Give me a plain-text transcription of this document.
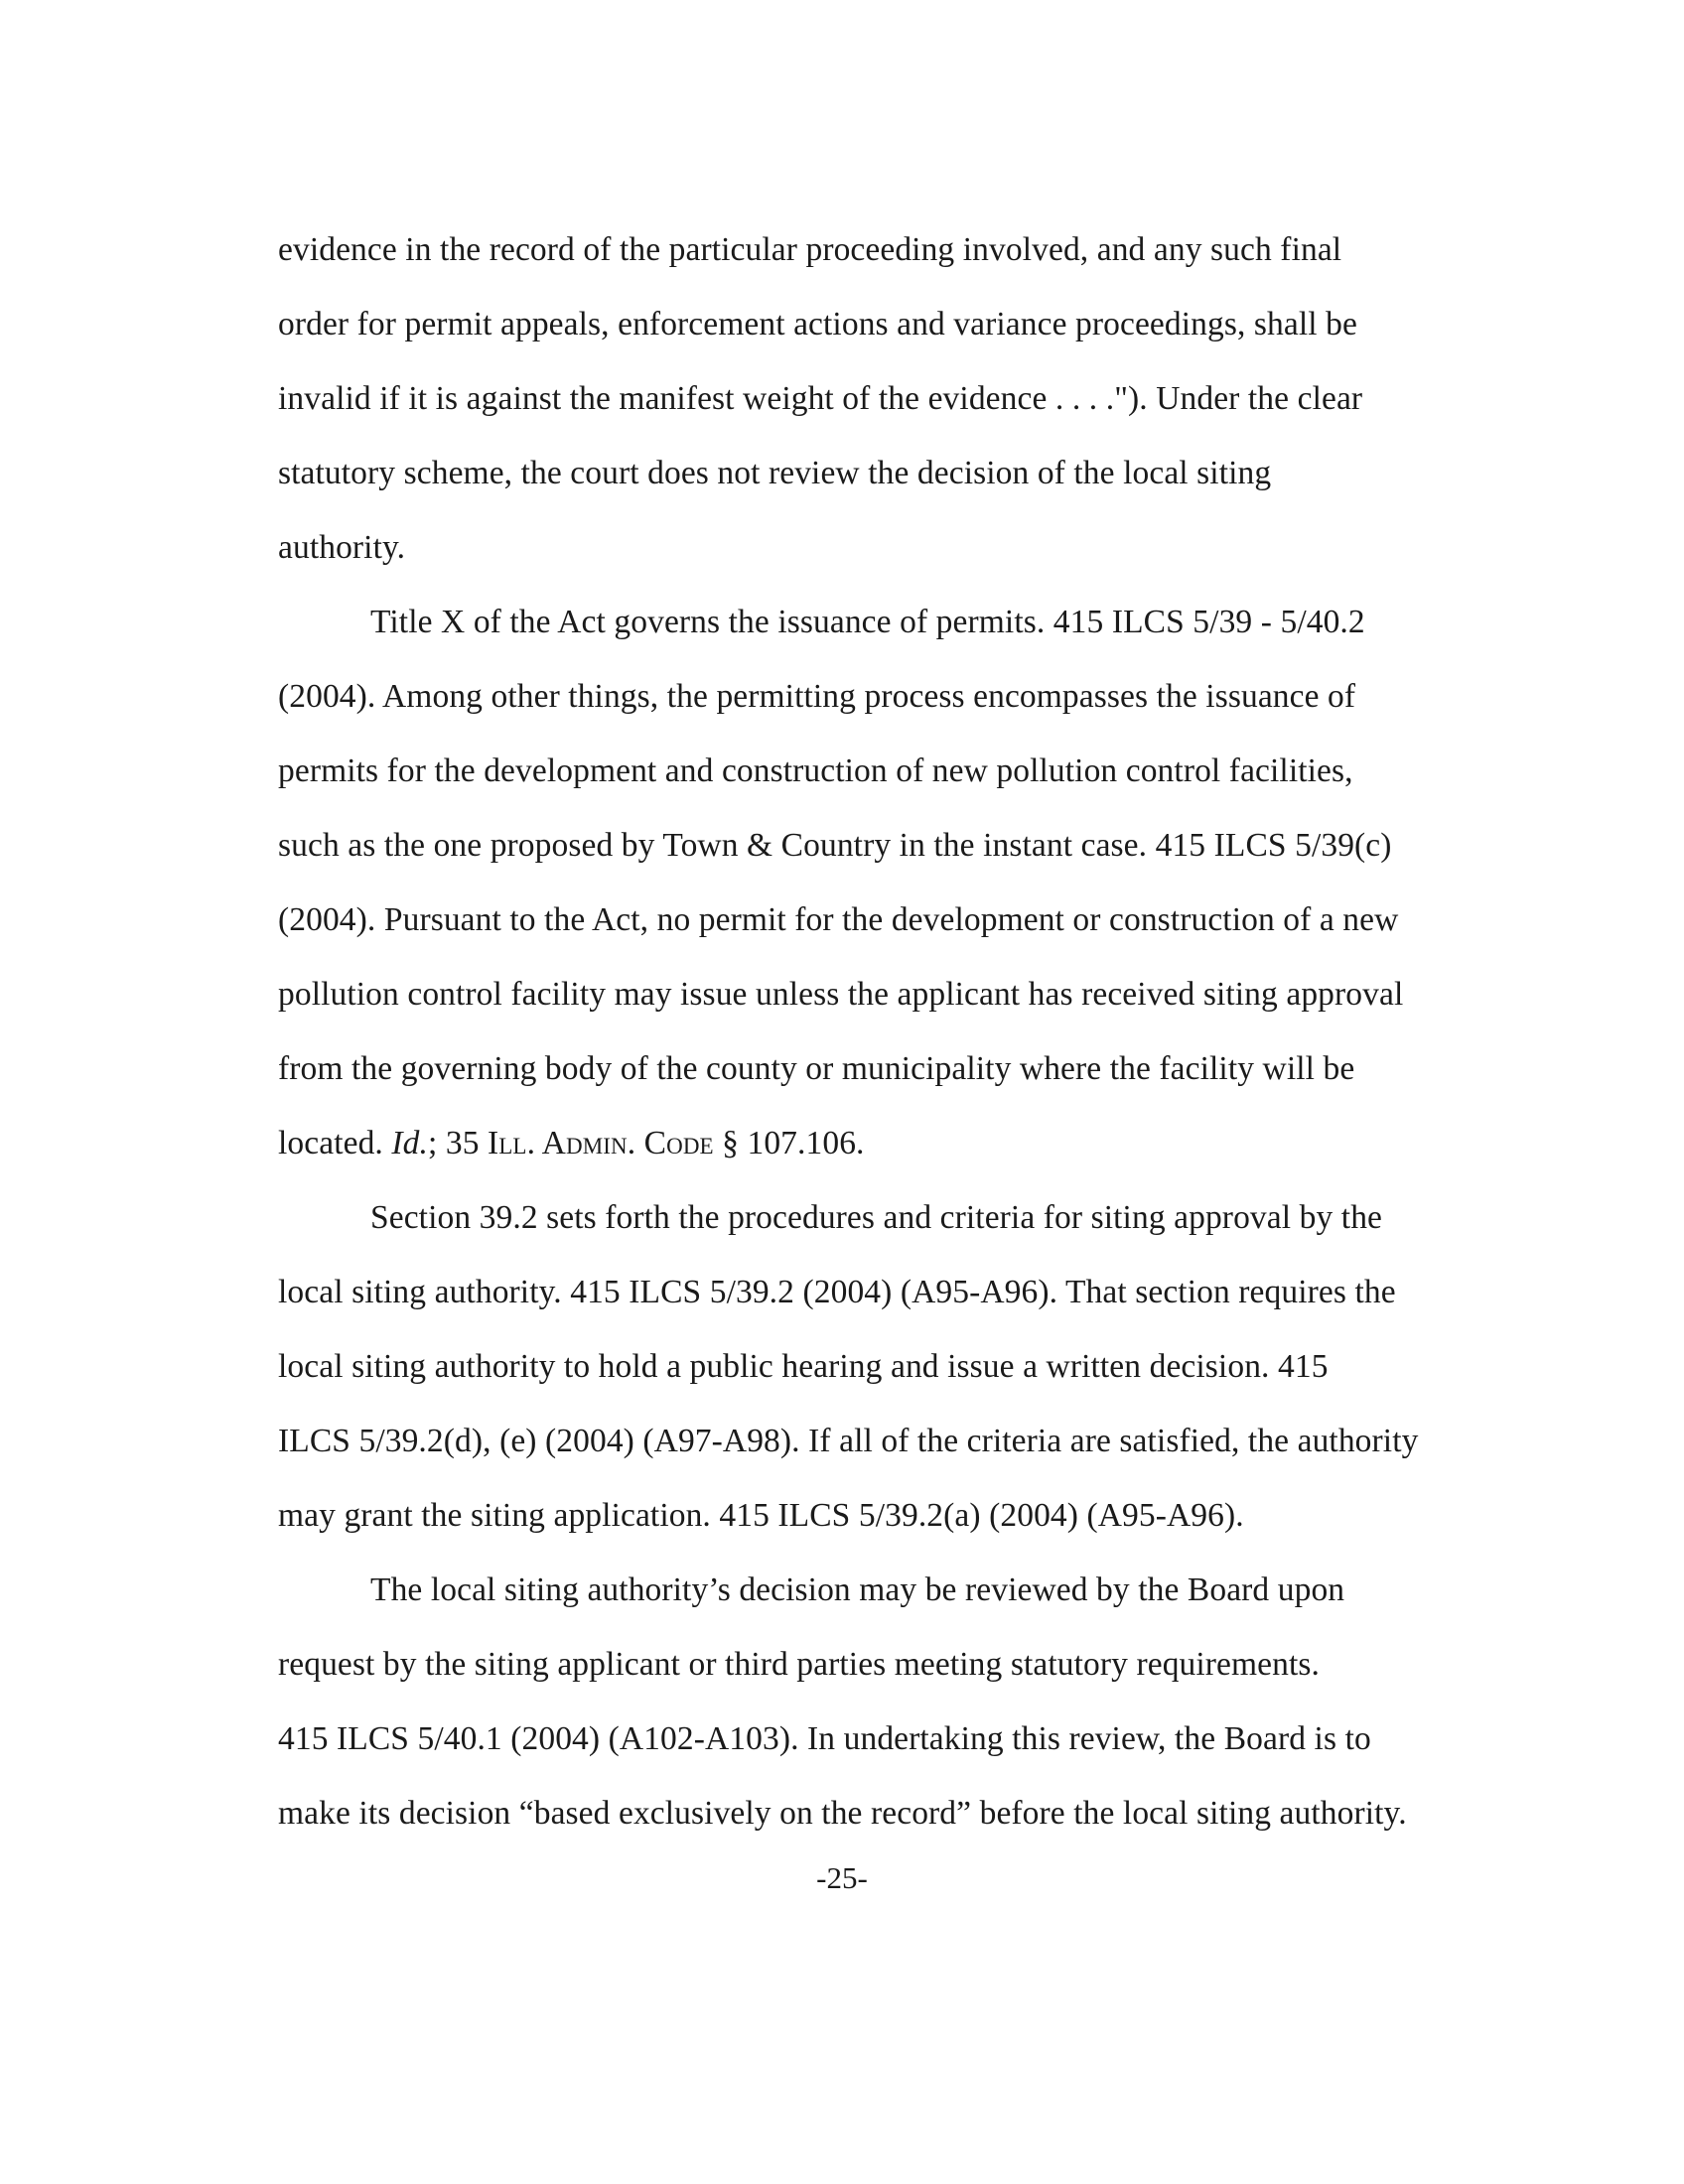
evidence in the record of the particular proceeding involved, and any such final
order for permit appeals, enforcement actions and variance proceedings, shall be
invalid if it is against the manifest weight of the evidence . . . ."). Under the clear
statutory scheme, the court does not review the decision of the local siting
authority.
Title X of the Act governs the issuance of permits. 415 ILCS 5/39 - 5/40.2
(2004). Among other things, the permitting process encompasses the issuance of
permits for the development and construction of new pollution control facilities,
such as the one proposed by Town & Country in the instant case. 415 ILCS 5/39(c)
(2004). Pursuant to the Act, no permit for the development or construction of a new
pollution control facility may issue unless the applicant has received siting approval
from the governing body of the county or municipality where the facility will be
located. Id.; 35 Ill. Admin. Code § 107.106.
Section 39.2 sets forth the procedures and criteria for siting approval by the
local siting authority. 415 ILCS 5/39.2 (2004) (A95-A96). That section requires the
local siting authority to hold a public hearing and issue a written decision. 415
ILCS 5/39.2(d), (e) (2004) (A97-A98). If all of the criteria are satisfied, the authority
may grant the siting application. 415 ILCS 5/39.2(a) (2004) (A95-A96).
The local siting authority’s decision may be reviewed by the Board upon
request by the siting applicant or third parties meeting statutory requirements.
415 ILCS 5/40.1 (2004) (A102-A103). In undertaking this review, the Board is to
make its decision “based exclusively on the record” before the local siting authority.
-25-
